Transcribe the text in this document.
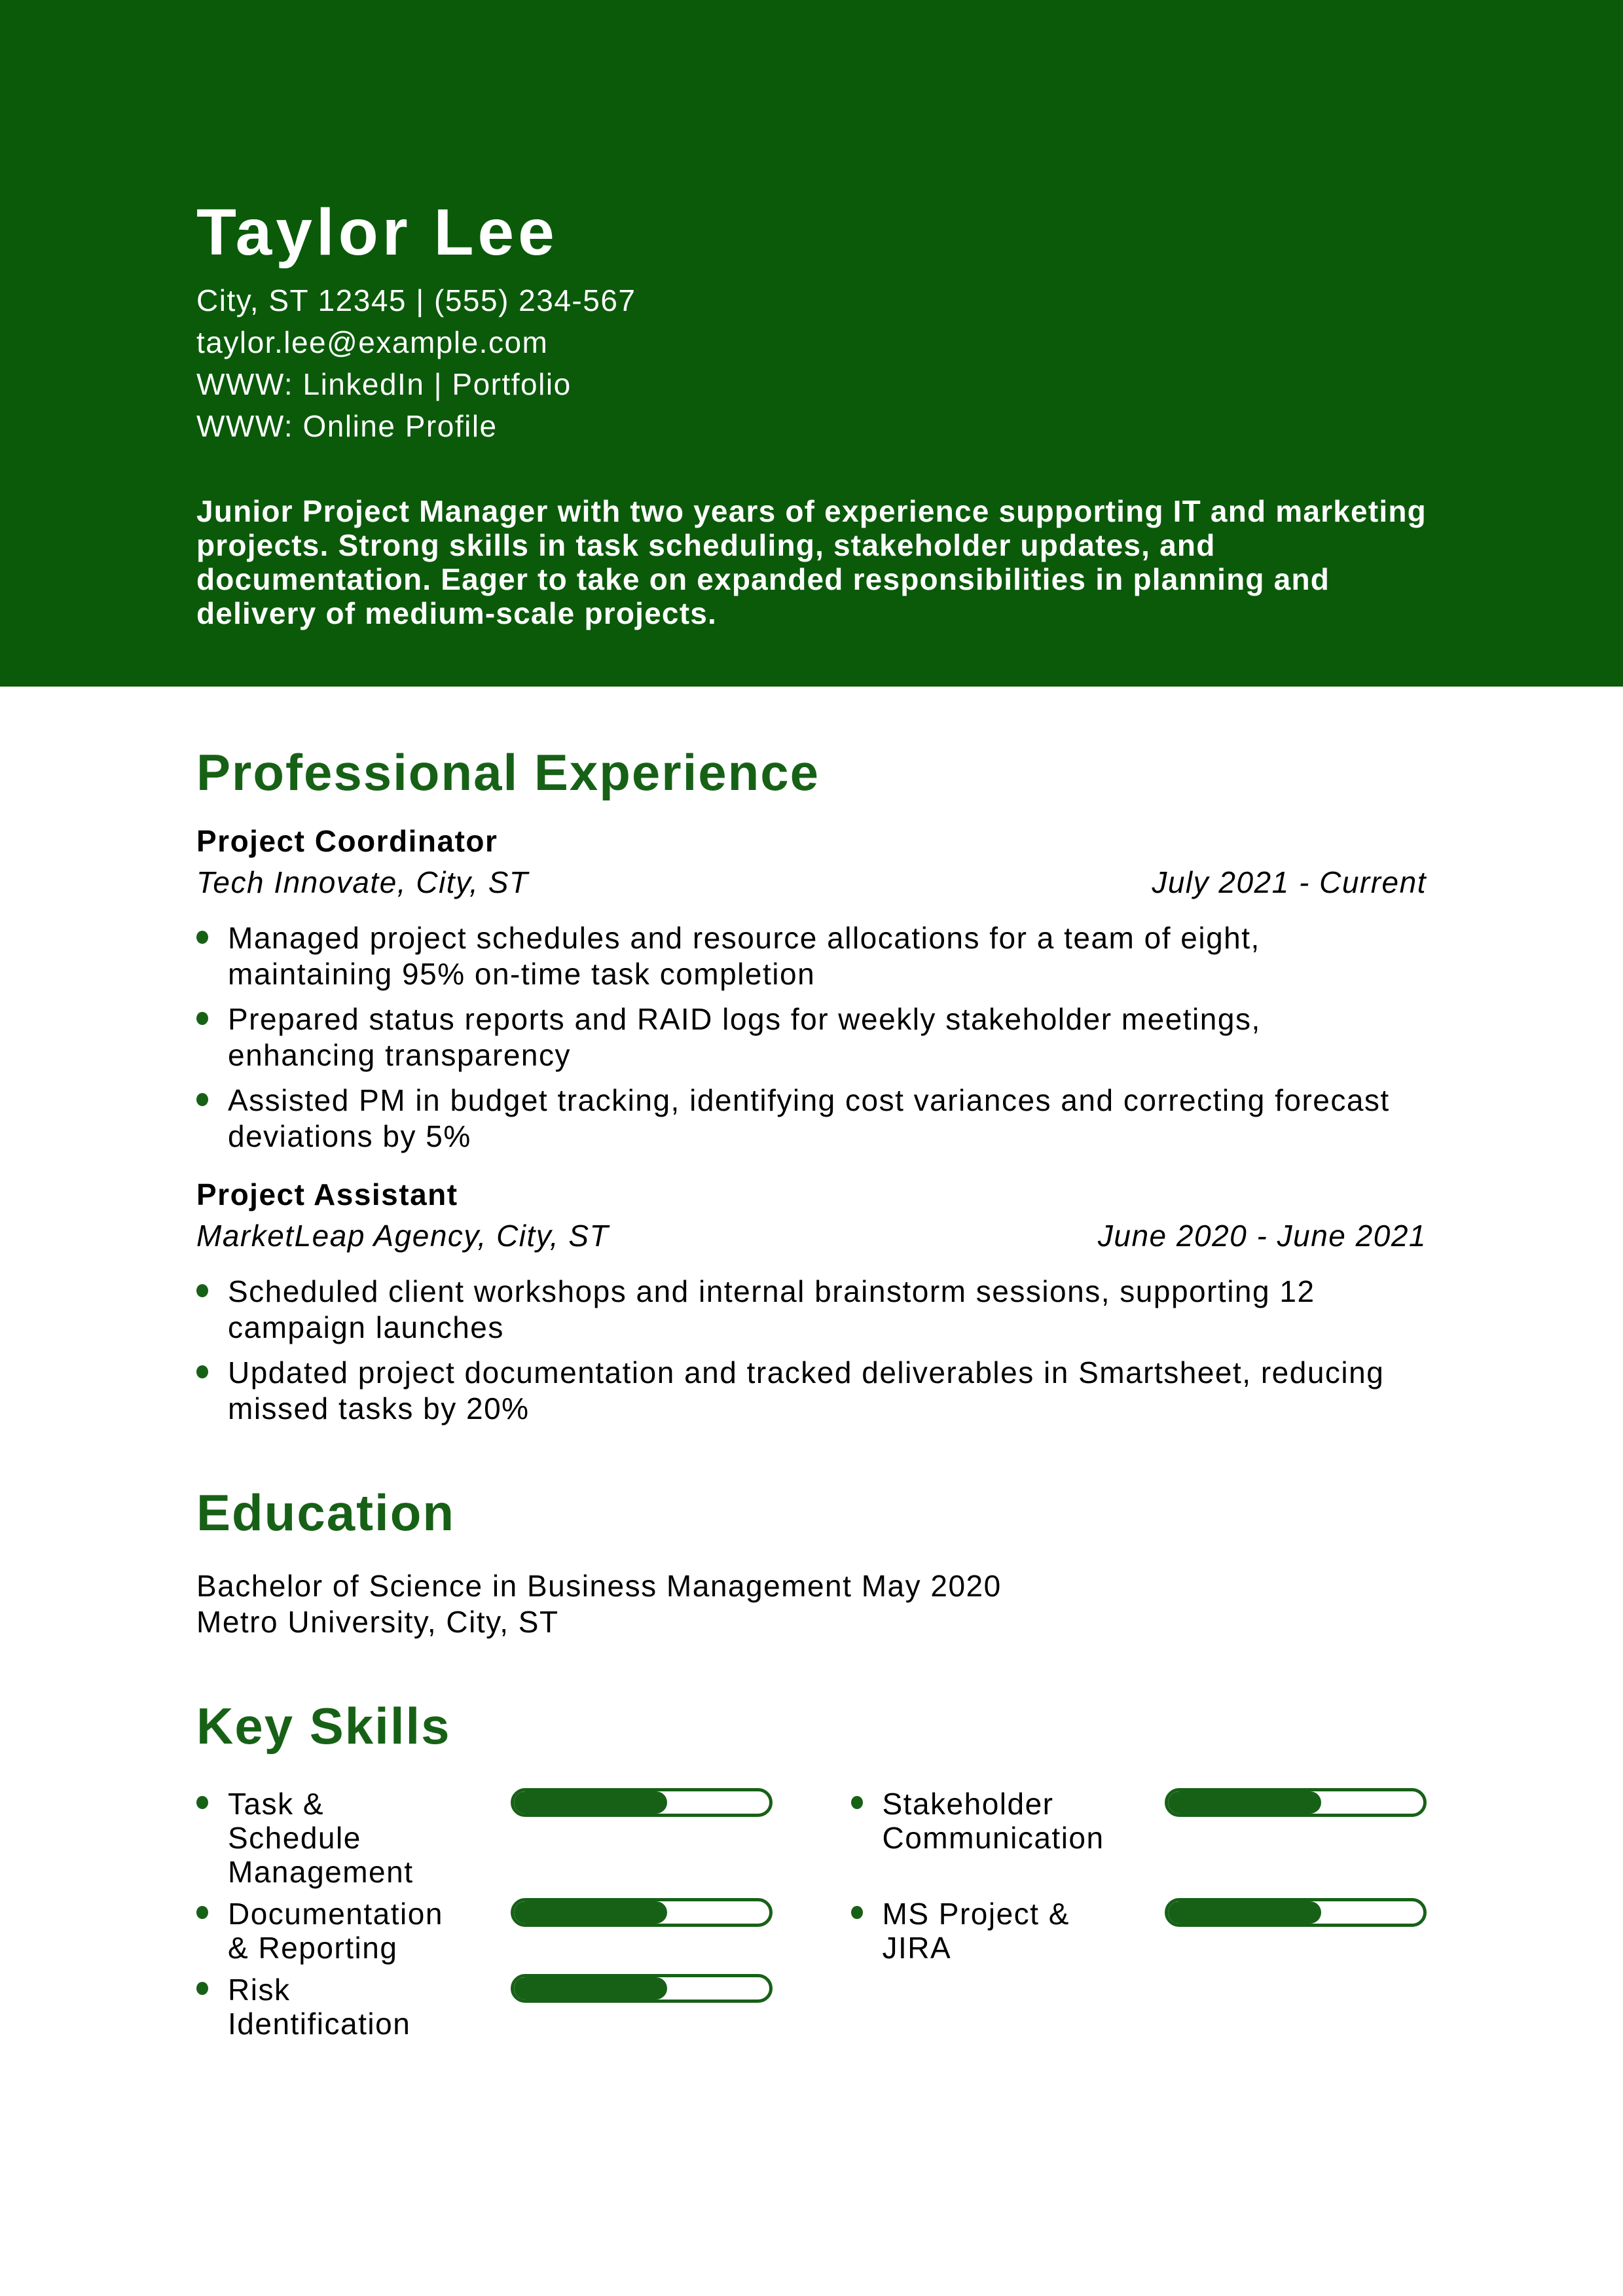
Taylor Lee
City, ST 12345 | (555) 234-567
taylor.lee@example.com
WWW: LinkedIn | Portfolio
WWW: Online Profile

Junior Project Manager with two years of experience supporting IT and marketing projects. Strong skills in task scheduling, stakeholder updates, and documentation. Eager to take on expanded responsibilities in planning and delivery of medium-scale projects.

Professional Experience
Project Coordinator
Tech Innovate, City, ST	July 2021 - Current
Managed project schedules and resource allocations for a team of eight, maintaining 95% on-time task completion
Prepared status reports and RAID logs for weekly stakeholder meetings, enhancing transparency
Assisted PM in budget tracking, identifying cost variances and correcting forecast deviations by 5%
Project Assistant
MarketLeap Agency, City, ST	June 2020 - June 2021
Scheduled client workshops and internal brainstorm sessions, supporting 12 campaign launches
Updated project documentation and tracked deliverables in Smartsheet, reducing missed tasks by 20%
Education
Bachelor of Science in Business Management May 2020
Metro University, City, ST
Key Skills
Task & Schedule Management
Stakeholder Communication
Documentation & Reporting
MS Project & JIRA
Risk Identification
